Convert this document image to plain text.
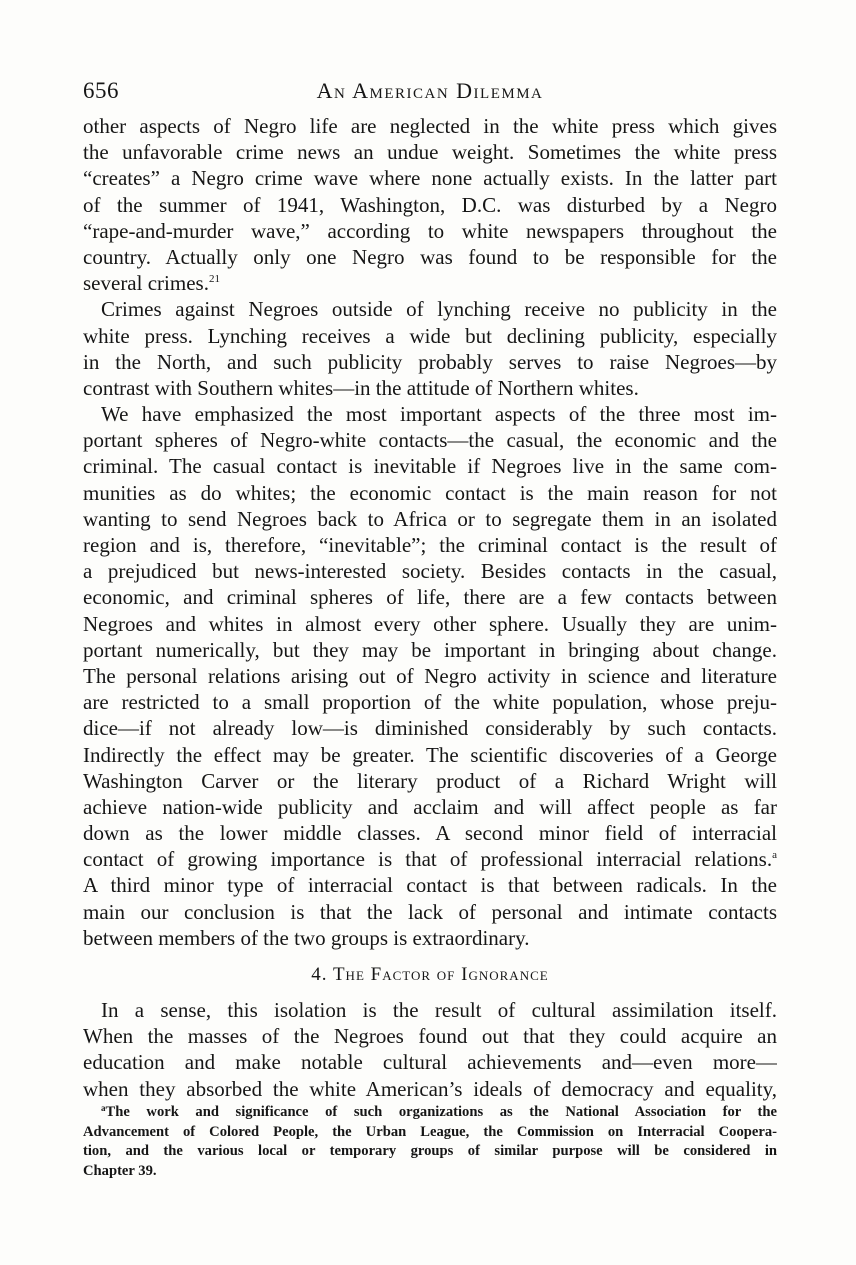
656	An American Dilemma
other aspects of Negro life are neglected in the white press which gives
the unfavorable crime news an undue weight. Sometimes the white press
“creates” a Negro crime wave where none actually exists. In the latter part
of the summer of 1941, Washington, D.C. was disturbed by a Negro
“rape-and-murder wave,” according to white newspapers throughout the
country. Actually only one Negro was found to be responsible for the
several crimes.$^{21}$
Crimes against Negroes outside of lynching receive no publicity in the
white press. Lynching receives a wide but declining publicity, especially
in the North, and such publicity probably serves to raise Negroes—by
contrast with Southern whites—in the attitude of Northern whites.
We have emphasized the most important aspects of the three most im-
portant spheres of Negro-white contacts—the casual, the economic and the
criminal. The casual contact is inevitable if Negroes live in the same com-
munities as do whites; the economic contact is the main reason for not
wanting to send Negroes back to Africa or to segregate them in an isolated
region and is, therefore, “inevitable”; the criminal contact is the result of
a prejudiced but news-interested society. Besides contacts in the casual,
economic, and criminal spheres of life, there are a few contacts between
Negroes and whites in almost every other sphere. Usually they are unim-
portant numerically, but they may be important in bringing about change.
The personal relations arising out of Negro activity in science and literature
are restricted to a small proportion of the white population, whose preju-
dice—if not already low—is diminished considerably by such contacts.
Indirectly the effect may be greater. The scientific discoveries of a George
Washington Carver or the literary product of a Richard Wright will
achieve nation-wide publicity and acclaim and will affect people as far
down as the lower middle classes. A second minor field of interracial
contact of growing importance is that of professional interracial relations.$^a$
A third minor type of interracial contact is that between radicals. In the
main our conclusion is that the lack of personal and intimate contacts
between members of the two groups is extraordinary.
4. The Factor of Ignorance
In a sense, this isolation is the result of cultural assimilation itself.
When the masses of the Negroes found out that they could acquire an
education and make notable cultural achievements and—even more—
when they absorbed the white American’s ideals of democracy and equality,
$^a$The work and significance of such organizations as the National Association for the
Advancement of Colored People, the Urban League, the Commission on Interracial Coopera-
tion, and the various local or temporary groups of similar purpose will be considered in
Chapter 39.
